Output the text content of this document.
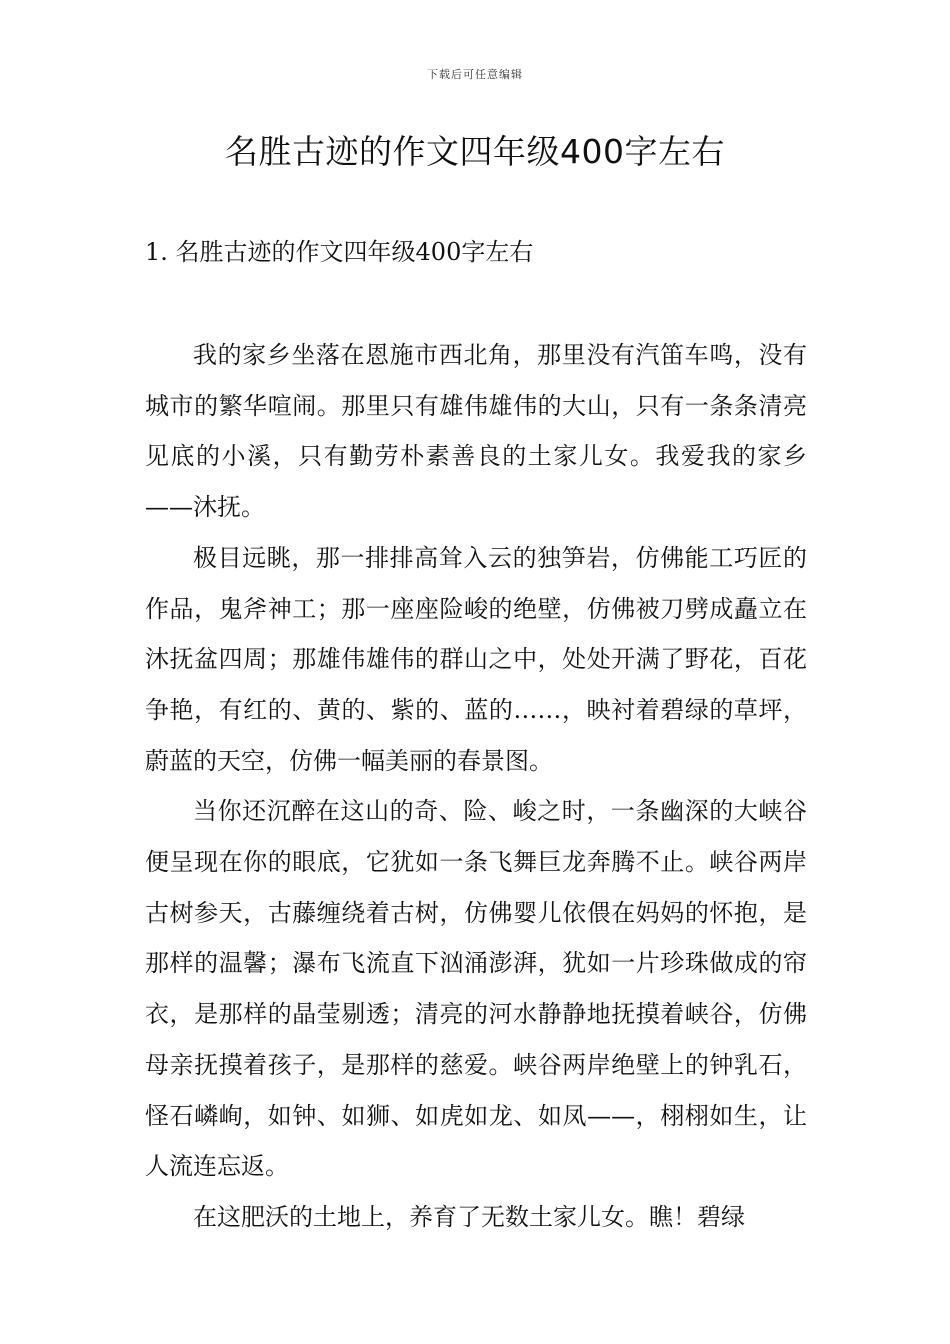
下载后可任意编辑
名胜古迹的作文四年级400字左右
1. 名胜古迹的作文四年级400字左右

我的家乡坐落在恩施市西北角，那里没有汽笛车鸣，没有城市的繁华喧闹。那里只有雄伟雄伟的大山，只有一条条清亮见底的小溪，只有勤劳朴素善良的土家儿女。我爱我的家乡——沐抚。

极目远眺，那一排排高耸入云的独笋岩，仿佛能工巧匠的作品，鬼斧神工；那一座座险峻的绝壁，仿佛被刀劈成矗立在沐抚盆四周；那雄伟雄伟的群山之中，处处开满了野花，百花争艳，有红的、黄的、紫的、蓝的……，映衬着碧绿的草坪，蔚蓝的天空，仿佛一幅美丽的春景图。

当你还沉醉在这山的奇、险、峻之时，一条幽深的大峡谷便呈现在你的眼底，它犹如一条飞舞巨龙奔腾不止。峡谷两岸古树参天，古藤缠绕着古树，仿佛婴儿依偎在妈妈的怀抱，是那样的温馨；瀑布飞流直下汹涌澎湃，犹如一片珍珠做成的帘衣，是那样的晶莹剔透；清亮的河水静静地抚摸着峡谷，仿佛母亲抚摸着孩子，是那样的慈爱。峡谷两岸绝壁上的钟乳石，怪石嶙峋，如钟、如狮、如虎如龙、如凤——，栩栩如生，让人流连忘返。

在这肥沃的土地上，养育了无数土家儿女。瞧！碧绿
